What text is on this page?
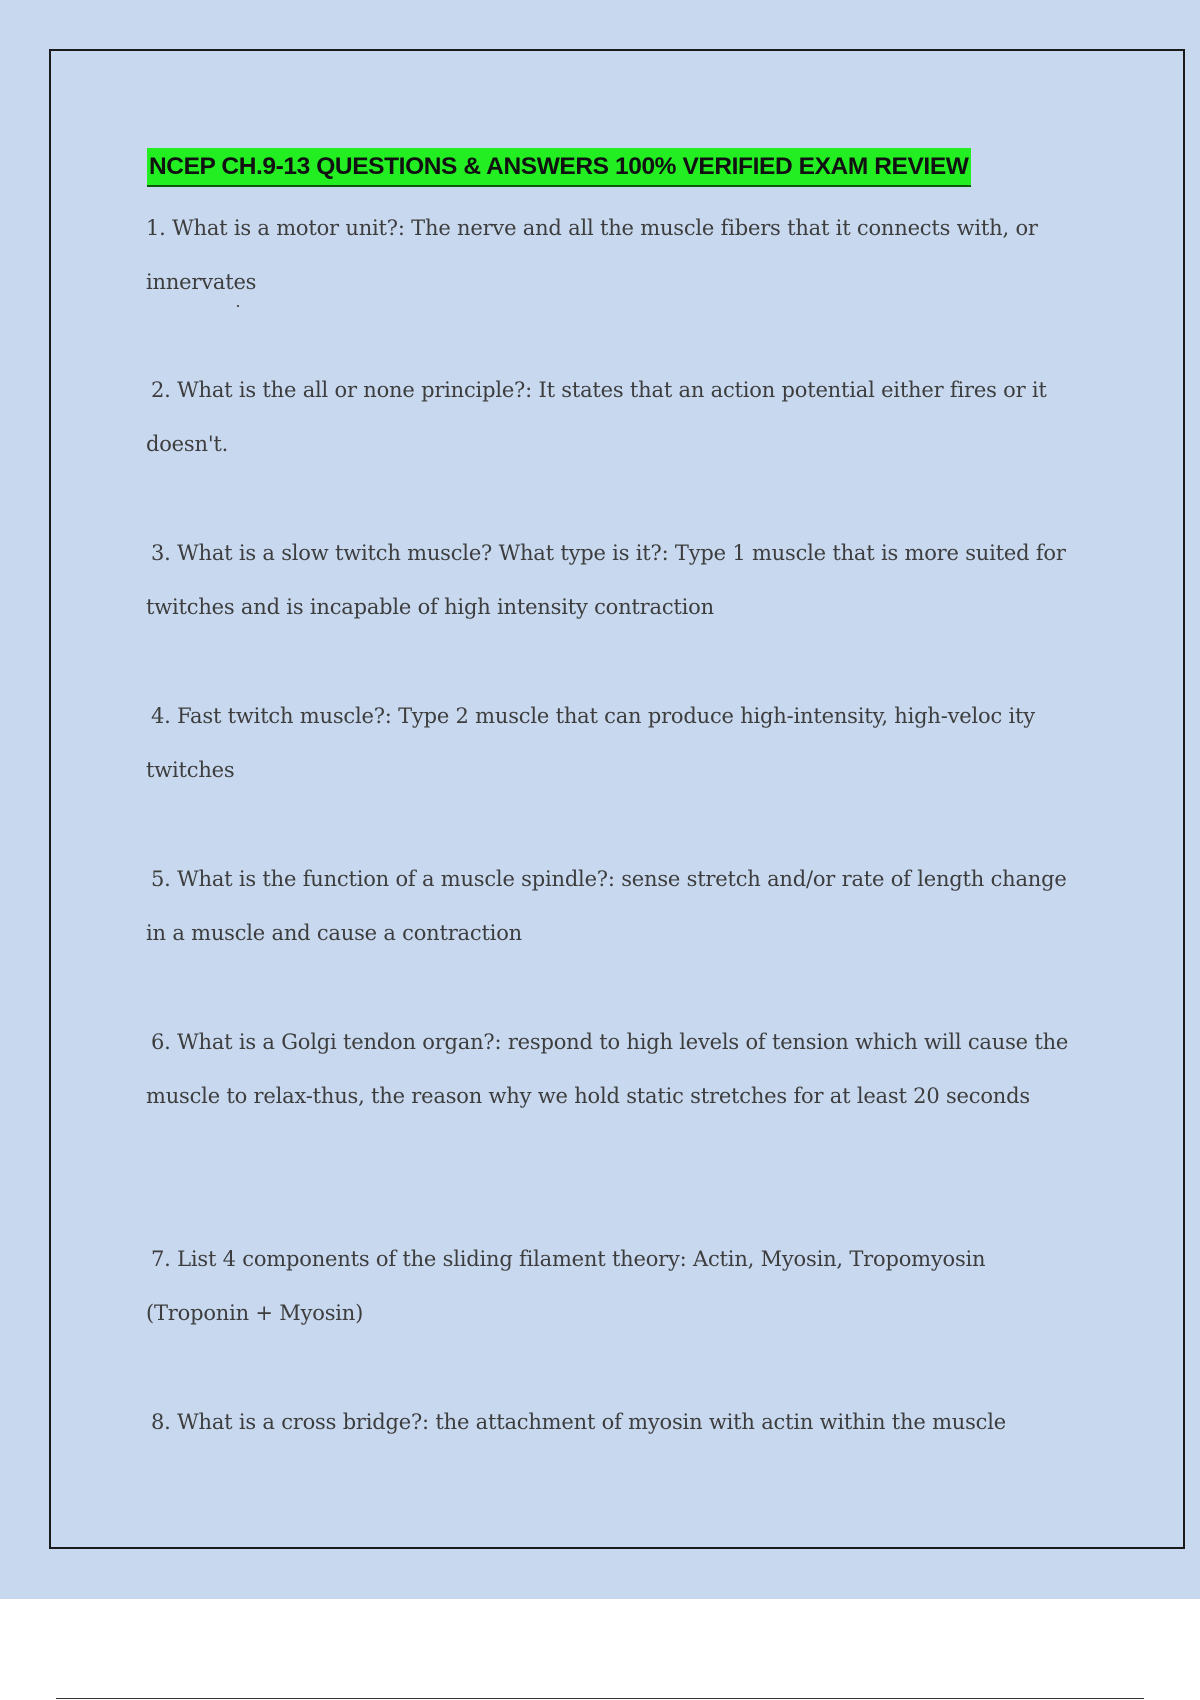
NCEP CH.9-13 QUESTIONS & ANSWERS 100% VERIFIED EXAM REVIEW

1. What is a motor unit?: The nerve and all the muscle fibers that it connects with, or innervates

2. What is the all or none principle?: It states that an action potential either fires or it doesn't.

3. What is a slow twitch muscle? What type is it?: Type 1 muscle that is more suited for twitches and is incapable of high intensity contraction

4. Fast twitch muscle?: Type 2 muscle that can produce high-intensity, high-veloc ity twitches

5. What is the function of a muscle spindle?: sense stretch and/or rate of length change in a muscle and cause a contraction

6. What is a Golgi tendon organ?: respond to high levels of tension which will cause the muscle to relax-thus, the reason why we hold static stretches for at least 20 seconds

7. List 4 components of the sliding filament theory: Actin, Myosin, Tropomyosin (Troponin + Myosin)

8. What is a cross bridge?: the attachment of myosin with actin within the muscle
